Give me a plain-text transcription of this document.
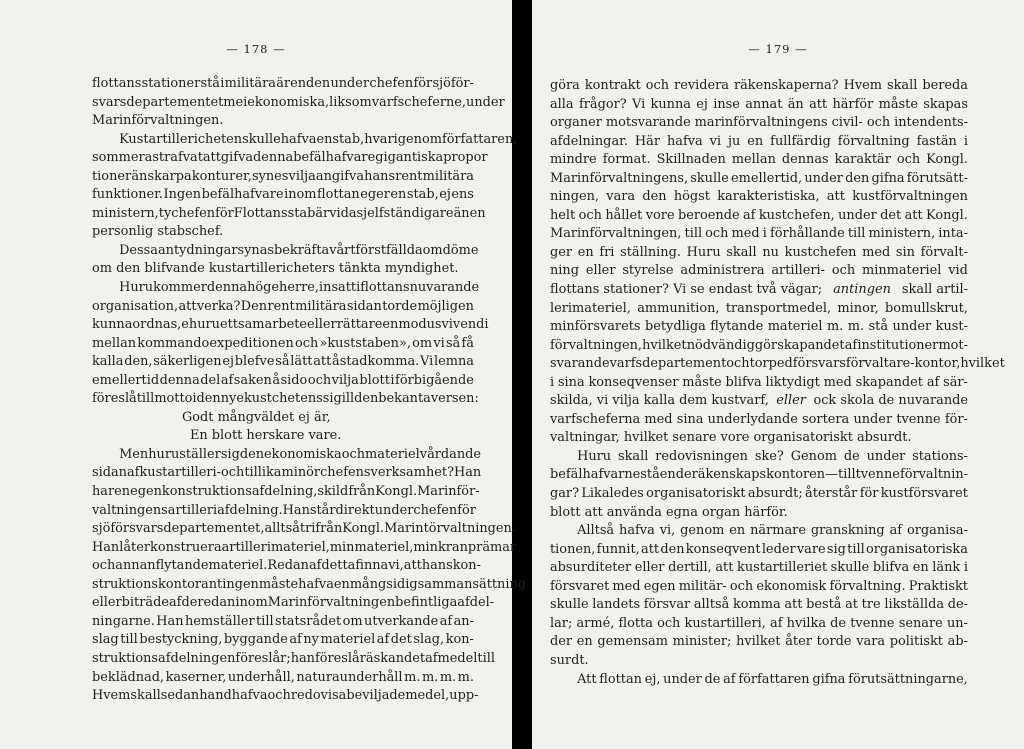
— 178 —
flottans stationer stå i militära ärenden under chefen för sjöför-
svarsdepartementet me i ekonomiska, liksom varfscheferne, under
Marinförvaltningen.
Kustartillericheten skulle hafva en stab, hvarigenom författaren,
som mera strafvat att gifva denna befälhafvare gigantiska propor
tioner än skarpa konturer, synes vilja angifva hans rent militära
funktioner. Ingen befälhafvare inom flottan eger en stab, ej ens
ministern, ty chefen för Flottans stab är vida sjelfständigare än en
personlig stabschef.
Dessa antydningar synas bekräfta vårt först fällda omdöme
om den blifvande kustartillericheters tänkta myndighet.
Huru kommer denna höge herre, insatt i flottans nuvarande
organisation, att verka? Den rent militära sidan torde möjligen
kunna ordnas, ehuru ett samarbete eller rättare en modus vivendi
mellan kommandoexpeditionen och »kuststaben», om vi så få
kalla den, säkerligen ej blefve så lätt att åstadkomma. Vi lemna
emellertid denna del af saken å sido och vilja blott i förbigående
föreslå till motto i den nye kustchetens sigill den bekanta versen:
Godt mångväldet ej är,
En blott herskare vare.
Men huru ställer sig den ekonomiska och materielvårdande
sidan af kustartilleri- och tillika minörchefens verksamhet? Han
har en egen konstruktionsafdelning, skild från Kongl. Marinför-
valtningens artilleriafdelning. Han står direkt under chefen för
sjöförsvarsdepartementet, alltså tri från Kongl. Marintörvaltningen.
Han låter konstruera artillerimateriel, minmateriel, minkranprämar
och annan flytande materiel. Redan af detta finna vi, att hans kon-
struktionskontor antingen måste hafva en mångsidig sammansättning
eller biträde af de redan inom Marinförvaltningen befintliga afdel-
ningarne. Han hemställer till statsrådet om utverkande af an-
slag till bestyckning, byggande af ny materiel af det slag, kon-
struktionsafdelningen föreslår; han föreslår äskandet af medel till
beklädnad, kaserner, underhåll, naturaunderhåll m. m. m. m.
Hvem skall sedan handhafva och redovisa beviljade medel, upp-
— 179 —
göra kontrakt och revidera räkenskaperna? Hvem skall bereda
alla frågor? Vi kunna ej inse annat än att härför måste skapas
organer motsvarande marinförvaltningens civil- och intendents-
afdelningar. Här hafva vi ju en fullfärdig förvaltning fastän i
mindre format. Skillnaden mellan dennas karaktär och Kongl.
Marinförvaltningens, skulle emellertid, under den gifna förutsätt-
ningen, vara den högst karakteristiska, att kustförvaltningen
helt och hållet vore beroende af kustchefen, under det att Kongl.
Marinförvaltningen, till och med i förhållande till ministern, inta-
ger en fri ställning. Huru skall nu kustchefen med sin förvalt-
ning eller styrelse administrera artilleri- och minmateriel vid
flottans stationer? Vi se endast två vägar; antingen skall artil-
lerimateriel, ammunition, transportmedel, minor, bomullskrut,
minförsvarets betydliga flytande materiel m. m. stå under kust-
förvaltningen, hvilket nödvändiggör skapandet af institutioner mot-
svarande varfsdepartement och torpedförsvarsförvaltare-kontor, hvilket
i sina konseqvenser måste blifva liktydigt med skapandet af sär-
skilda, vi vilja kalla dem kustvarf, eller ock skola de nuvarande
varfscheferna med sina underlydande sortera under tvenne för-
valtningar, hvilket senare vore organisatoriskt absurdt.
Huru skall redovisningen ske? Genom de under stations-
befälhafvarne stående räkenskapskontoren — till tvenne förvaltnin-
gar? Likaledes organisatoriskt absurdt; återstår för kustförsvaret
blott att använda egna organ härför.
Alltså hafva vi, genom en närmare granskning af organisa-
tionen, funnit, att den konseqvent leder vare sig till organisatoriska
absurditeter eller dertill, att kustartilleriet skulle blifva en länk i
försvaret med egen militär- och ekonomisk förvaltning. Praktiskt
skulle landets försvar alltså komma att bestå at tre likställda de-
lar; armé, flotta och kustartilleri, af hvilka de tvenne senare un-
der en gemensam minister; hvilket åter torde vara politiskt ab-
surdt.
Att flottan ej, under de af författaren gifna förutsättningarne,
